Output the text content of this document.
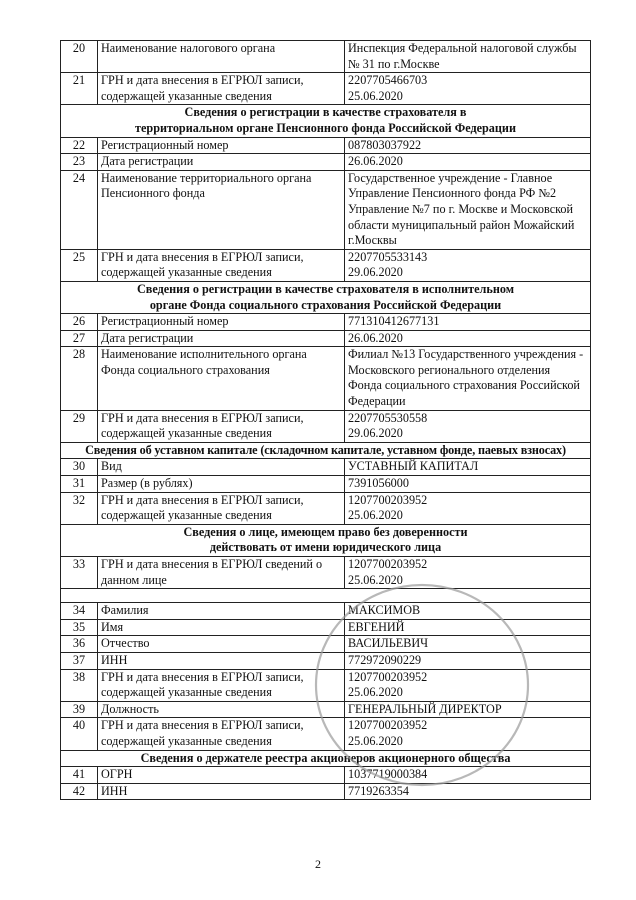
20	Наименование налогового органа	Инспекция Федеральной налоговой службы № 31 по г.Москве
21	ГРН и дата внесения в ЕГРЮЛ записи, содержащей указанные сведения	2207705466703
25.06.2020

Сведения о регистрации в качестве страхователя в
территориальном органе Пенсионного фонда Российской Федерации		

22	Регистрационный номер	087803037922
23	Дата регистрации	26.06.2020
24	Наименование территориального органа Пенсионного фонда	Государственное учреждение - Главное Управление Пенсионного фонда РФ №2 Управление №7 по г. Москве и Московской области муниципальный район Можайский г.Москвы
25	ГРН и дата внесения в ЕГРЮЛ записи, содержащей указанные сведения	2207705533143
29.06.2020

Сведения о регистрации в качестве страхователя в исполнительном
органе Фонда социального страхования Российской Федерации		

26	Регистрационный номер	771310412677131
27	Дата регистрации	26.06.2020
28	Наименование исполнительного органа Фонда социального страхования	Филиал №13 Государственного учреждения - Московского регионального отделения Фонда социального страхования Российской Федерации
29	ГРН и дата внесения в ЕГРЮЛ записи, содержащей указанные сведения	2207705530558
29.06.2020

Сведения об уставном капитале (складочном капитале, уставном фонде, паевых взносах)		

30	Вид	УСТАВНЫЙ КАПИТАЛ
31	Размер (в рублях)	7391056000
32	ГРН и дата внесения в ЕГРЮЛ записи, содержащей указанные сведения	1207700203952
25.06.2020

Сведения о лице, имеющем право без доверенности
действовать от имени юридического лица		

33	ГРН и дата внесения в ЕГРЮЛ сведений о данном лице	1207700203952
25.06.2020

34	Фамилия	МАКСИМОВ
35	Имя	ЕВГЕНИЙ
36	Отчество	ВАСИЛЬЕВИЧ
37	ИНН	772972090229
38	ГРН и дата внесения в ЕГРЮЛ записи, содержащей указанные сведения	1207700203952
25.06.2020

39	Должность	ГЕНЕРАЛЬНЫЙ ДИРЕКТОР
40	ГРН и дата внесения в ЕГРЮЛ записи, содержащей указанные сведения	1207700203952
25.06.2020

Сведения о держателе реестра акционеров акционерного общества		

41	ОГРН	1037719000384
42	ИНН	7719263354
2
